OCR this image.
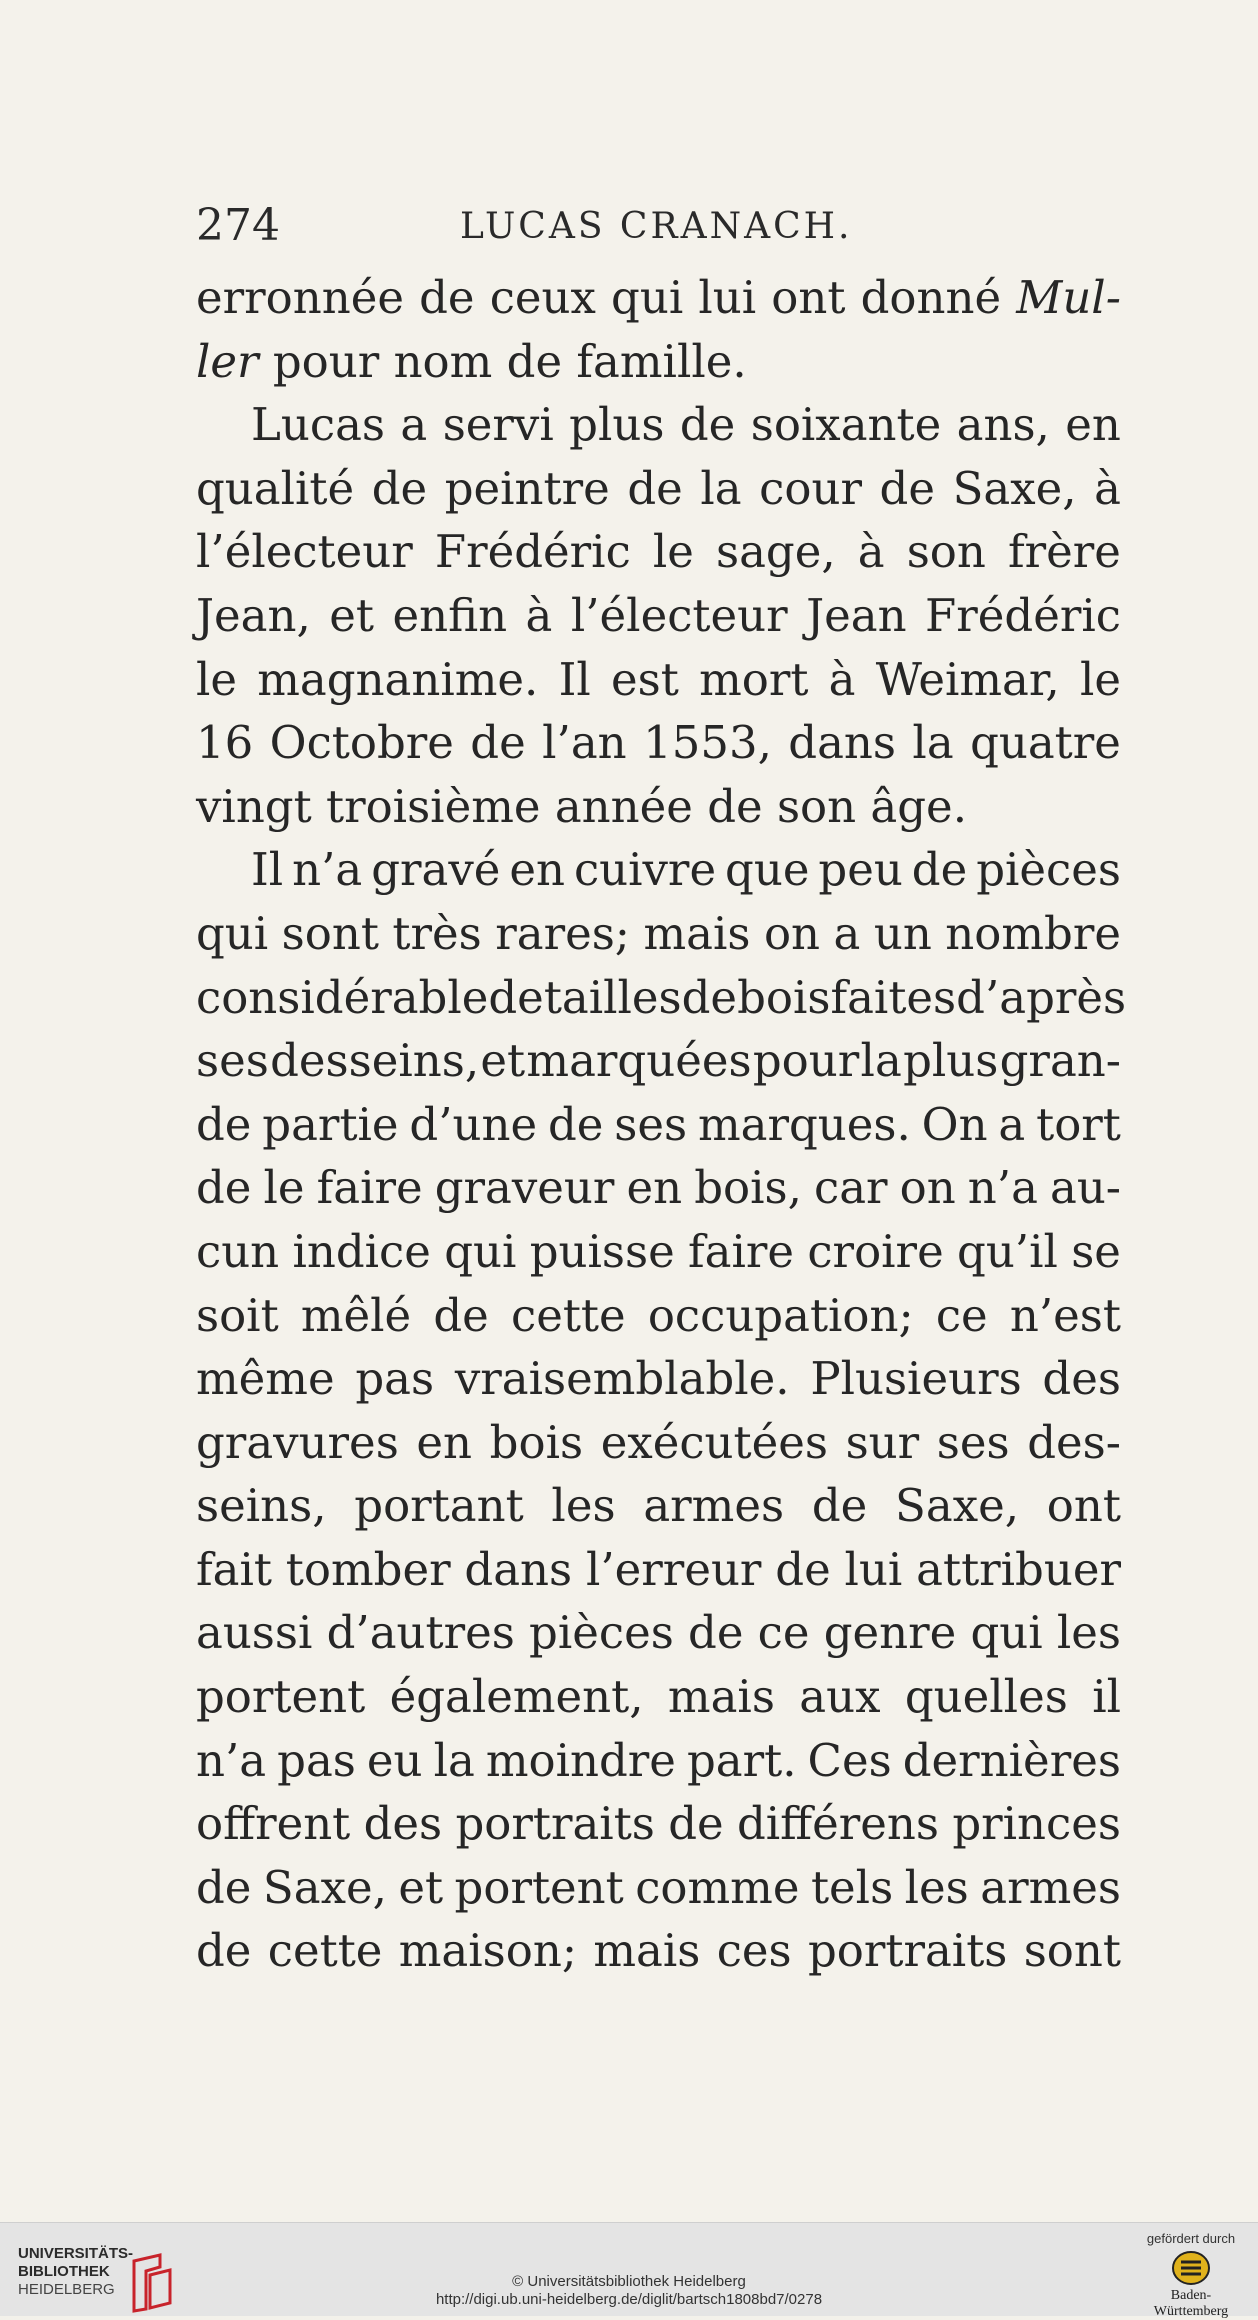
274	LUCAS CRANACH.
erronnée de ceux qui lui ont donné Mul-
ler
pour
nom
de
famille.

Lucas a servi plus de soixante ans, en
qualité de peintre de la cour de Saxe, à
l’électeur Frédéric le sage, à son frère
Jean, et enfin à l’électeur Jean Frédéric
le magnanime. Il est mort à Weimar, le
16 Octobre de l’an 1553, dans la quatre
vingt
troisième
année
de
son
âge.

Il n’a gravé en cuivre que peu de pièces
qui sont très rares; mais on a un nombre
considérable de tailles de bois faites d’après
ses desseins, et marquées pour la plus gran-
de partie d’une de ses marques. On a tort
de le faire graveur en bois, car on n’a au-
cun indice qui puisse faire croire qu’il se
soit mêlé de cette occupation; ce n’est
même pas vraisemblable. Plusieurs des
gravures en bois exécutées sur ses des-
seins, portant les armes de Saxe, ont
fait tomber dans l’erreur de lui attribuer
aussi d’autres pièces de ce genre qui les
portent également, mais aux quelles il
n’a pas eu la moindre part. Ces dernières
offrent des portraits de différens princes
de Saxe, et portent comme tels les armes
de cette maison; mais ces portraits sont
UNIVERSITÄTS-
BIBLIOTHEK
HEIDELBERG	© Universitätsbibliothek Heidelberg
http://digi.ub.uni-heidelberg.de/diglit/bartsch1808bd7/0278
gefördert durch
Baden-Württemberg
